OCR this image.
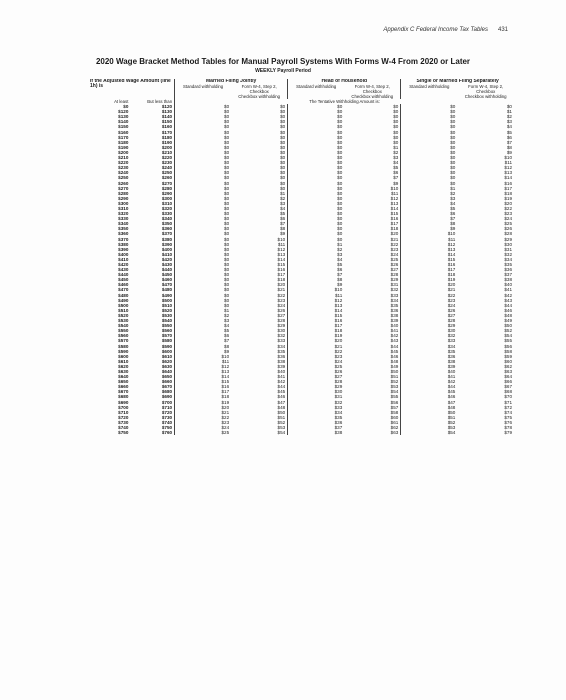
Appendix C Federal Income Tax Tables 431
2020 Wage Bracket Method Tables for Manual Payroll Systems With Forms W-4 From 2020 or Later
WEEKLY Payroll Period
If the Adjusted Wage Amount (line 1h) is		Married Filing Jointly		Head of Household		Single or Married Filing Separately	
		Standard withholding	Form W-4, Step 2, Checkbox
Checkbox withholding	Standard withholding	Form W-4, Step 2, Checkbox
Checkbox withholding	Standard withholding	Form W-4, Step 2, Checkbox
Checkbox withholding
At least	But less than	The Tentative Withholding Amount is:					
$0	$120	$0	$0	$0	$0	$0	$0
$120	$130	$0	$0	$0	$0	$0	$1
$130	$140	$0	$0	$0	$0	$0	$2
$140	$150	$0	$0	$0	$0	$0	$3
$150	$160	$0	$0	$0	$0	$0	$4
$160	$170	$0	$0	$0	$0	$0	$5
$170	$180	$0	$0	$0	$0	$0	$6
$180	$190	$0	$0	$0	$0	$0	$7
$190	$200	$0	$0	$0	$1	$0	$8
$200	$210	$0	$0	$0	$2	$0	$9
$210	$220	$0	$0	$0	$3	$0	$10
$220	$230	$0	$0	$0	$4	$0	$11
$230	$240	$0	$0	$0	$5	$0	$12
$240	$250	$0	$0	$0	$6	$0	$13
$250	$260	$0	$0	$0	$7	$0	$14
$260	$270	$0	$0	$0	$9	$0	$16
$270	$280	$0	$0	$0	$10	$1	$17
$280	$290	$0	$1	$0	$11	$2	$18
$290	$300	$0	$2	$0	$12	$3	$19
$300	$310	$0	$3	$0	$13	$4	$20
$310	$320	$0	$4	$0	$14	$5	$22
$320	$330	$0	$5	$0	$15	$6	$23
$330	$340	$0	$6	$0	$16	$7	$24
$340	$350	$0	$7	$0	$17	$8	$25
$350	$360	$0	$8	$0	$18	$9	$26
$360	$370	$0	$9	$0	$20	$10	$28
$370	$380	$0	$10	$0	$21	$11	$29
$380	$390	$0	$11	$1	$22	$12	$30
$390	$400	$0	$12	$2	$23	$13	$31
$400	$410	$0	$13	$3	$24	$14	$32
$410	$420	$0	$14	$4	$25	$15	$34
$420	$430	$0	$15	$5	$26	$16	$35
$430	$440	$0	$16	$6	$27	$17	$36
$440	$450	$0	$17	$7	$28	$18	$37
$450	$460	$0	$18	$8	$29	$19	$38
$460	$470	$0	$20	$9	$31	$20	$40
$470	$480	$0	$21	$10	$32	$21	$41
$480	$490	$0	$22	$11	$33	$22	$42
$490	$500	$0	$23	$12	$34	$23	$43
$500	$510	$0	$24	$13	$35	$24	$44
$510	$520	$1	$26	$14	$36	$26	$46
$520	$530	$2	$27	$15	$38	$27	$48
$530	$540	$3	$28	$16	$39	$28	$49
$540	$550	$4	$29	$17	$40	$29	$50
$550	$560	$5	$30	$18	$41	$30	$52
$560	$570	$6	$32	$19	$42	$32	$54
$570	$580	$7	$33	$20	$43	$33	$55
$580	$590	$8	$34	$21	$44	$34	$56
$590	$600	$9	$35	$22	$45	$35	$58
$600	$610	$10	$36	$23	$46	$36	$59
$610	$620	$11	$38	$24	$48	$38	$60
$620	$630	$12	$39	$25	$49	$39	$62
$630	$640	$13	$40	$26	$50	$40	$63
$640	$650	$14	$41	$27	$51	$41	$64
$650	$660	$15	$42	$28	$52	$42	$66
$660	$670	$16	$44	$29	$53	$44	$67
$670	$680	$17	$45	$30	$54	$45	$68
$680	$690	$18	$46	$31	$55	$46	$70
$690	$700	$19	$47	$32	$56	$47	$71
$700	$710	$20	$48	$33	$57	$48	$72
$710	$720	$21	$50	$34	$58	$50	$74
$720	$730	$22	$51	$35	$60	$51	$75
$730	$740	$23	$52	$36	$61	$52	$76
$740	$750	$24	$53	$37	$62	$53	$78
$750	$760	$25	$54	$38	$63	$54	$79
